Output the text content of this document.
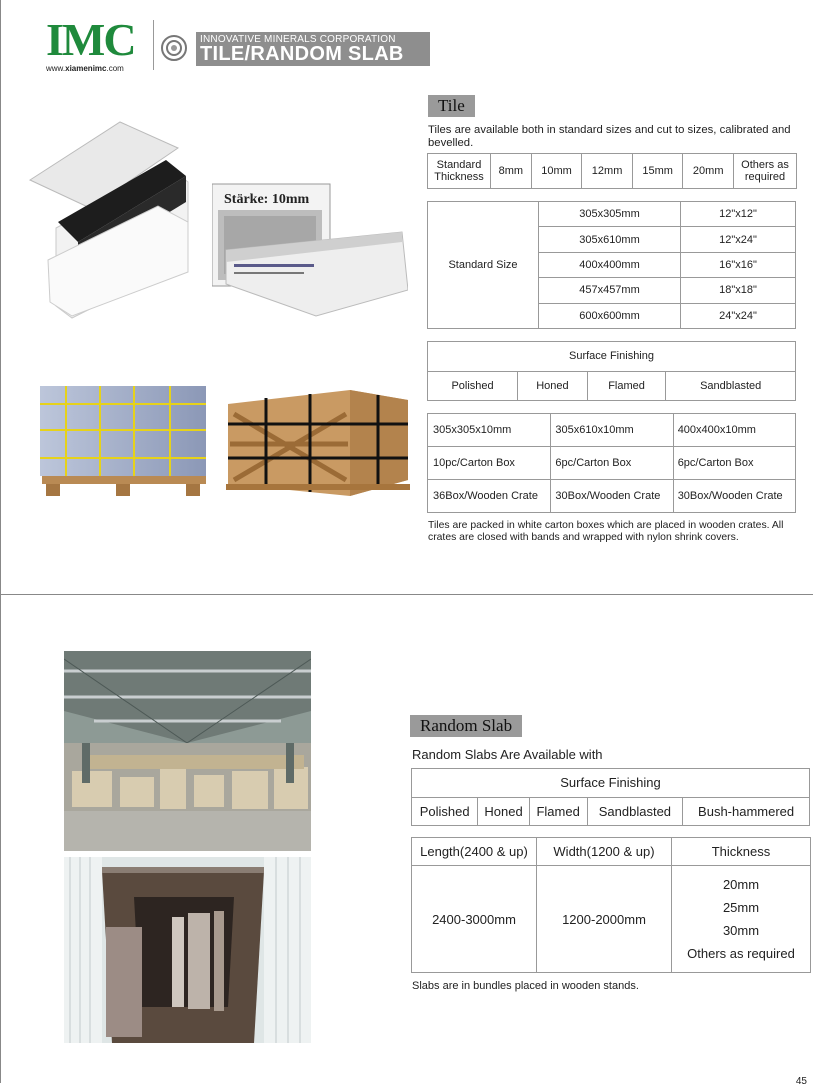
IMC
www.xiamenimc.com
INNOVATIVE MINERALS CORPORATION
TILE/RANDOM SLAB
Stärke: 10mm
Tile
Tiles are available both in standard sizes and cut to sizes, calibrated and bevelled.
Standard Thickness	8mm	10mm	12mm	15mm	20mm	Others as required
Standard Size	305x305mm	12"x12"
	305x610mm	12"x24"
	400x400mm	16"x16"
	457x457mm	18"x18"
	600x600mm	24"x24"
Surface Finishing
Polished	Honed	Flamed	Sandblasted
305x305x10mm	305x610x10mm	400x400x10mm
10pc/Carton Box	6pc/Carton Box	6pc/Carton Box
36Box/Wooden Crate	30Box/Wooden Crate	30Box/Wooden Crate
Tiles are packed in white carton boxes which are placed in wooden crates. All crates are closed with bands and wrapped with nylon shrink covers.
Random Slab
Random Slabs Are Available with
Surface Finishing
Polished	Honed	Flamed	Sandblasted	Bush-hammered
Length(2400 & up)	Width(1200 & up)	Thickness
2400-3000mm	1200-2000mm	20mm
25mm
30mm
Others as required
Slabs are in bundles placed in wooden stands.
45
